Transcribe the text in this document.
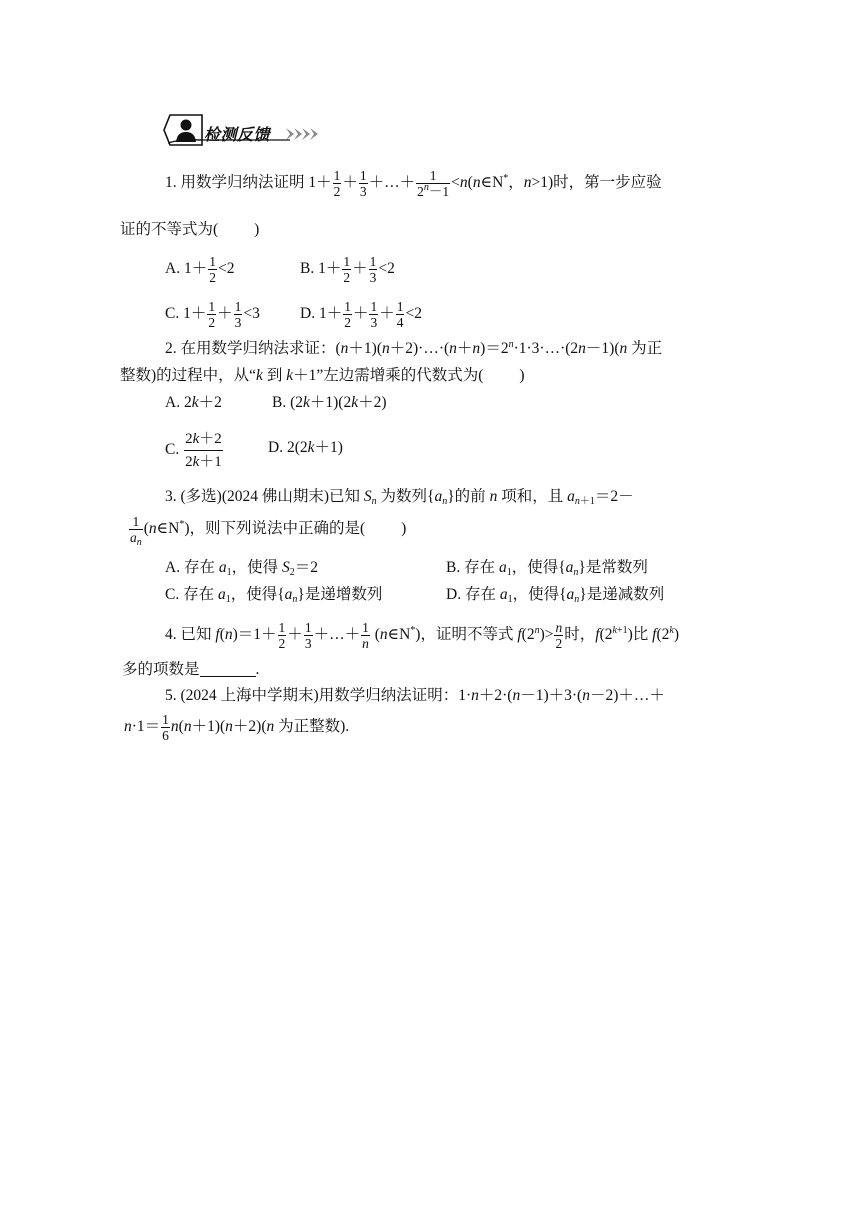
检测反馈
1. 用数学归纳法证明 $1+ \frac{1}{2} + \frac{1}{3}$ ＋…＋ $\frac{1}{2^n-1}$ <n(n∈N*，n>1)时，第一步应验
证的不等式为( )
A. $1+ \frac{1}{2} <2$	B. $1+ \frac{1}{2} + \frac{1}{3} <2$
C. $1+ \frac{1}{2} + \frac{1}{3} <3$	D. $1+ \frac{1}{2} + \frac{1}{3} + \frac{1}{4} <2$
2. 在用数学归纳法求证：$(n+1)(n+2)\cdot\dots\cdot(n+n)=2^n\cdot 1\cdot 3\cdot\dots\cdot(2n-1)(n$ 为正
整数)的过程中，从“k 到 k＋1”左边需增乘的代数式为( )
A. 2k＋2	B. (2k＋1)(2k＋2)
C. $\frac{2k+2}{2k+1}$	D. 2(2k＋1)
3. (多选)(2024 佛山期末)已知 $S_n$ 为数列$\{a_n\}$的前 n 项和，且 $a_{n+1}=2-$
$\frac{1}{a_n}$ (n∈N*)，则下列说法中正确的是( )
A. 存在 $a_1$，使得 $S_2=2$	B. 存在 $a_1$，使得$\{a_n\}$是常数列
C. 存在 $a_1$，使得$\{a_n\}$是递增数列	D. 存在 $a_1$，使得$\{a_n\}$是递减数列
4. 已知 $f(n)=1+ \frac{1}{2} + \frac{1}{3}$ ＋…＋ $\frac{1}{n}$ (n∈N*)，证明不等式 $f(2^n)> \frac{n}{2}$ 时，$f(2^{k+1})$比 f(2$^k$)
多的项数是	.
5. (2024 上海中学期末)用数学归纳法证明：1·n＋2·(n－1)＋3·(n－2)＋…＋
$n\cdot 1= \frac{1}{6} n(n+1)(n+2)(n$ 为正整数).
